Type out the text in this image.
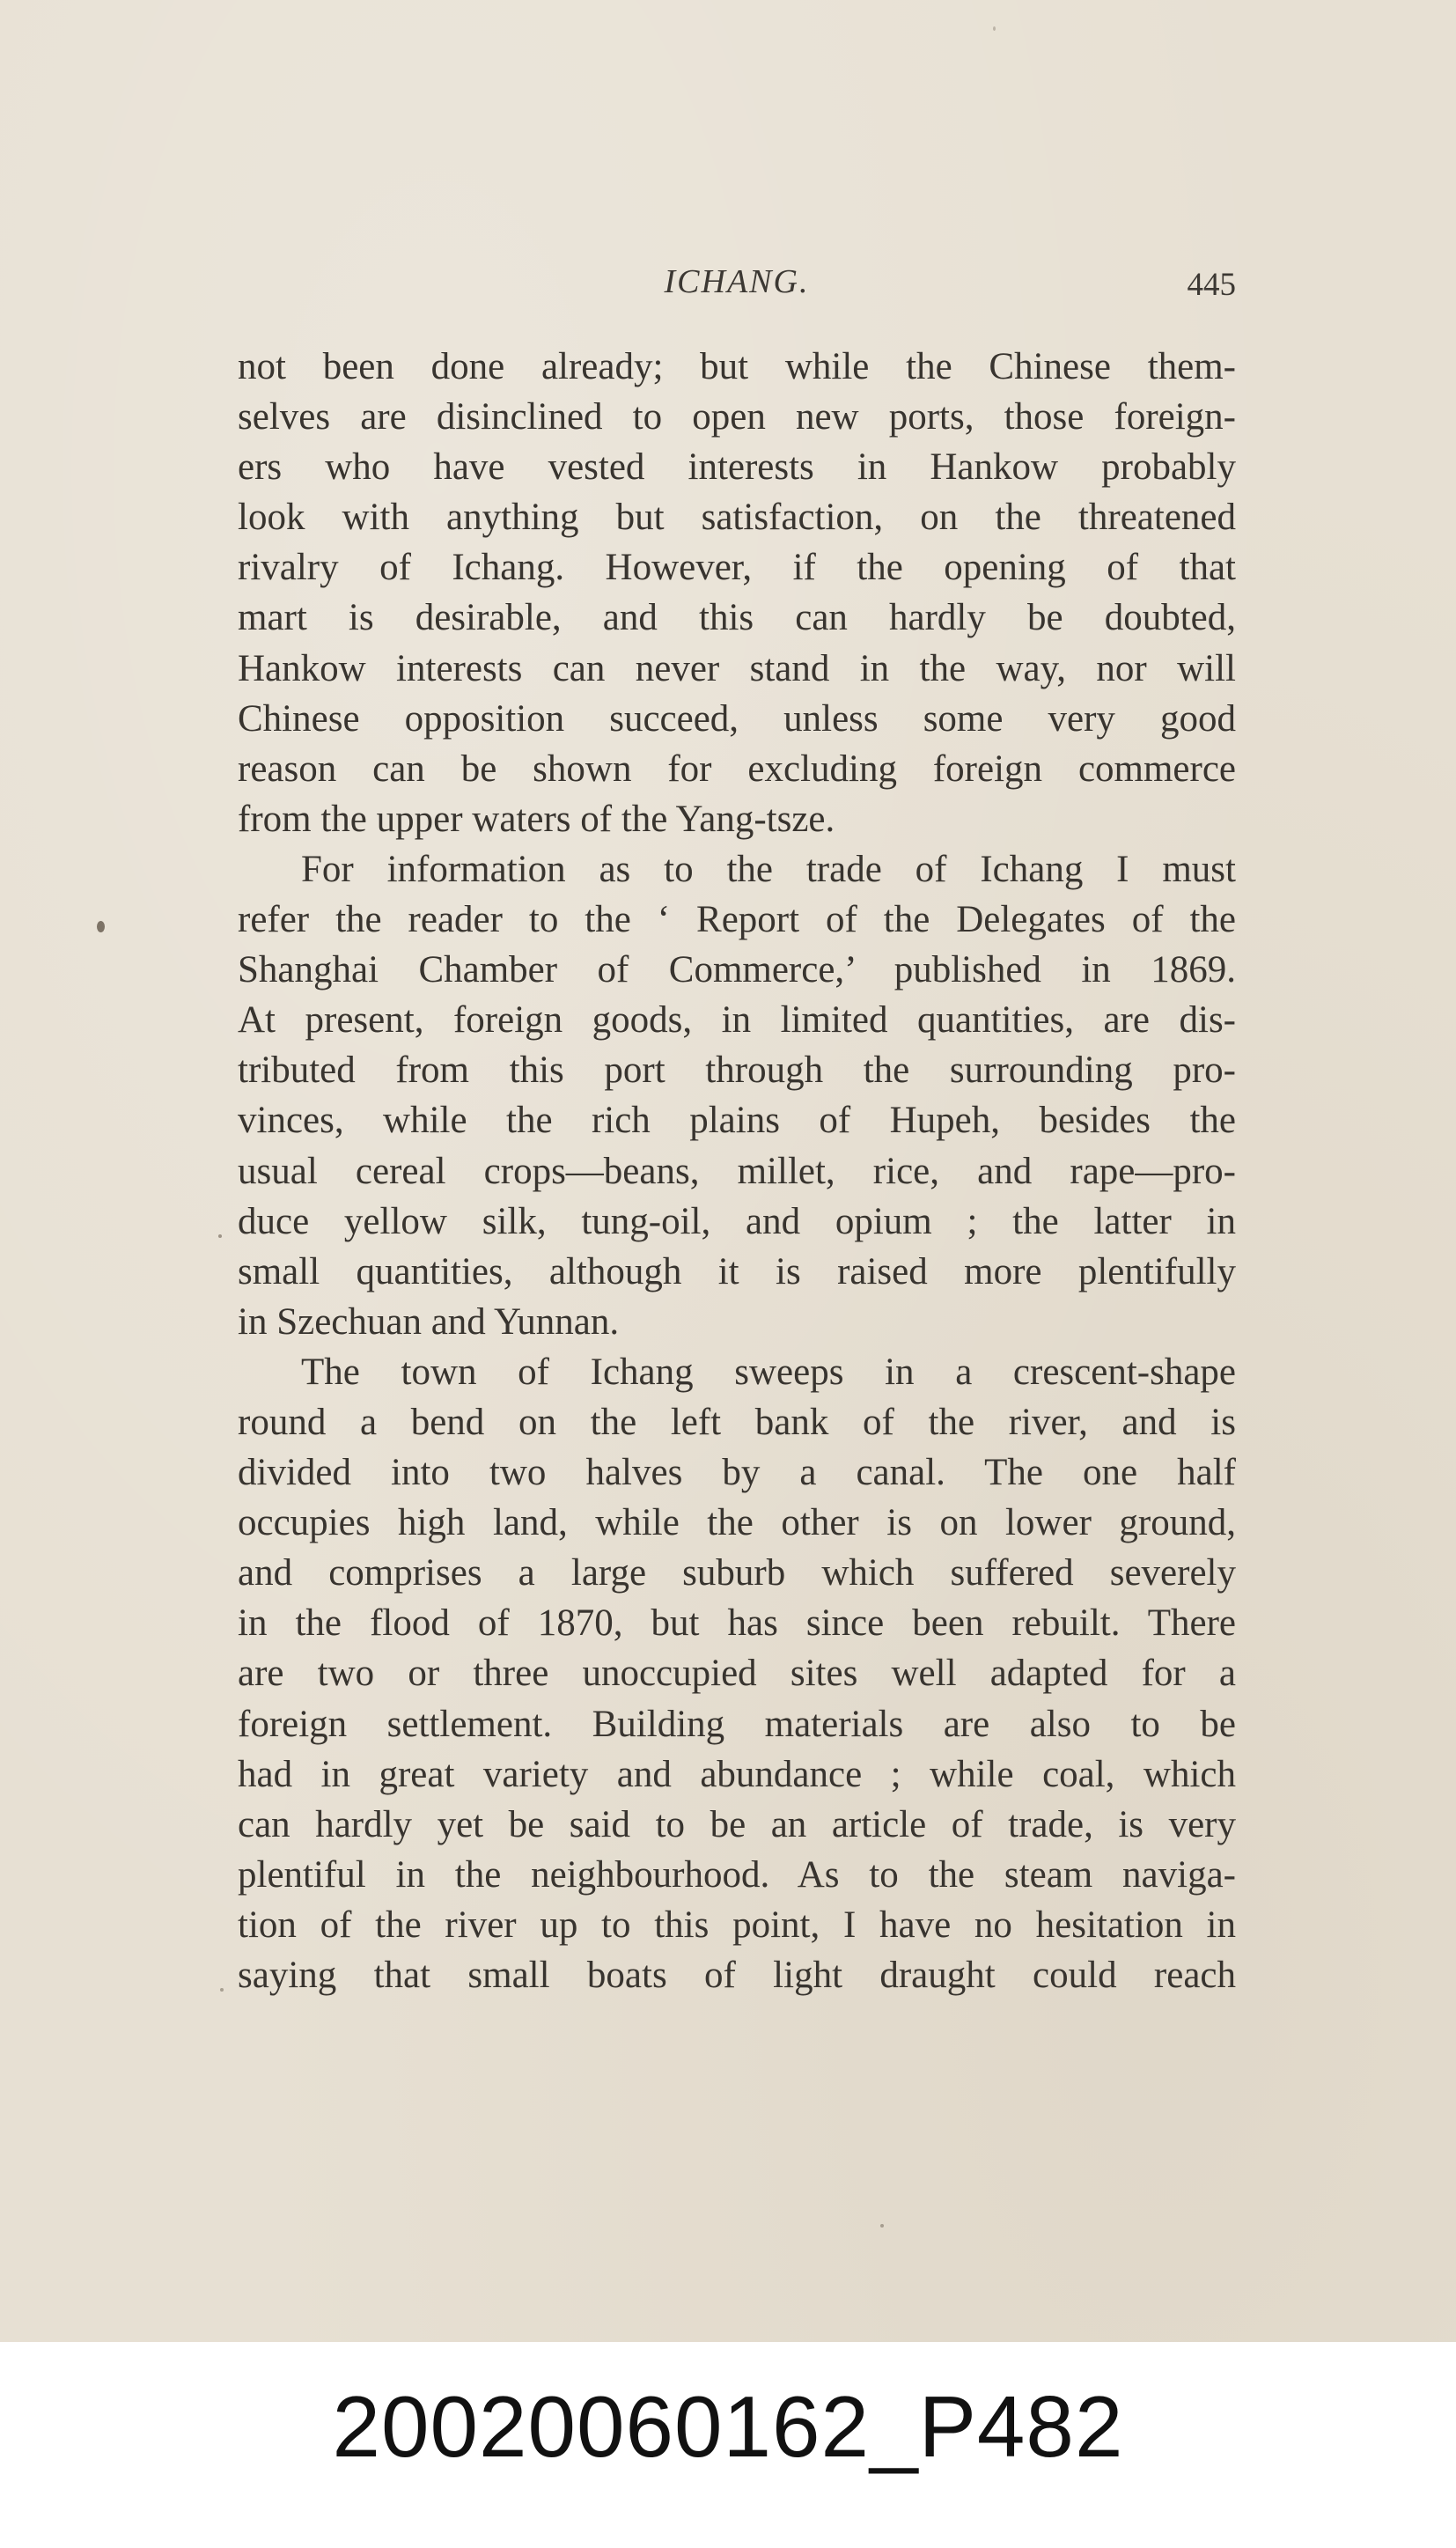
ICHANG.	445
not been done already; but while the Chinese them-
selves are disinclined to open new ports, those foreign-
ers who have vested interests in Hankow probably
look with anything but satisfaction, on the threatened
rivalry of Ichang. However, if the opening of that
mart is desirable, and this can hardly be doubted,
Hankow interests can never stand in the way, nor will
Chinese opposition succeed, unless some very good
reason can be shown for excluding foreign commerce
from the upper waters of the Yang-tsze.
For information as to the trade of Ichang I must
refer the reader to the ‘ Report of the Delegates of the
Shanghai Chamber of Commerce,’ published in 1869.
At present, foreign goods, in limited quantities, are dis-
tributed from this port through the surrounding pro-
vinces, while the rich plains of Hupeh, besides the
usual cereal crops—beans, millet, rice, and rape—pro-
duce yellow silk, tung-oil, and opium ; the latter in
small quantities, although it is raised more plentifully
in Szechuan and Yunnan.
The town of Ichang sweeps in a crescent-shape
round a bend on the left bank of the river, and is
divided into two halves by a canal. The one half
occupies high land, while the other is on lower ground,
and comprises a large suburb which suffered severely
in the flood of 1870, but has since been rebuilt. There
are two or three unoccupied sites well adapted for a
foreign settlement. Building materials are also to be
had in great variety and abundance ; while coal, which
can hardly yet be said to be an article of trade, is very
plentiful in the neighbourhood. As to the steam naviga-
tion of the river up to this point, I have no hesitation in
saying that small boats of light draught could reach
20020060162_P482
